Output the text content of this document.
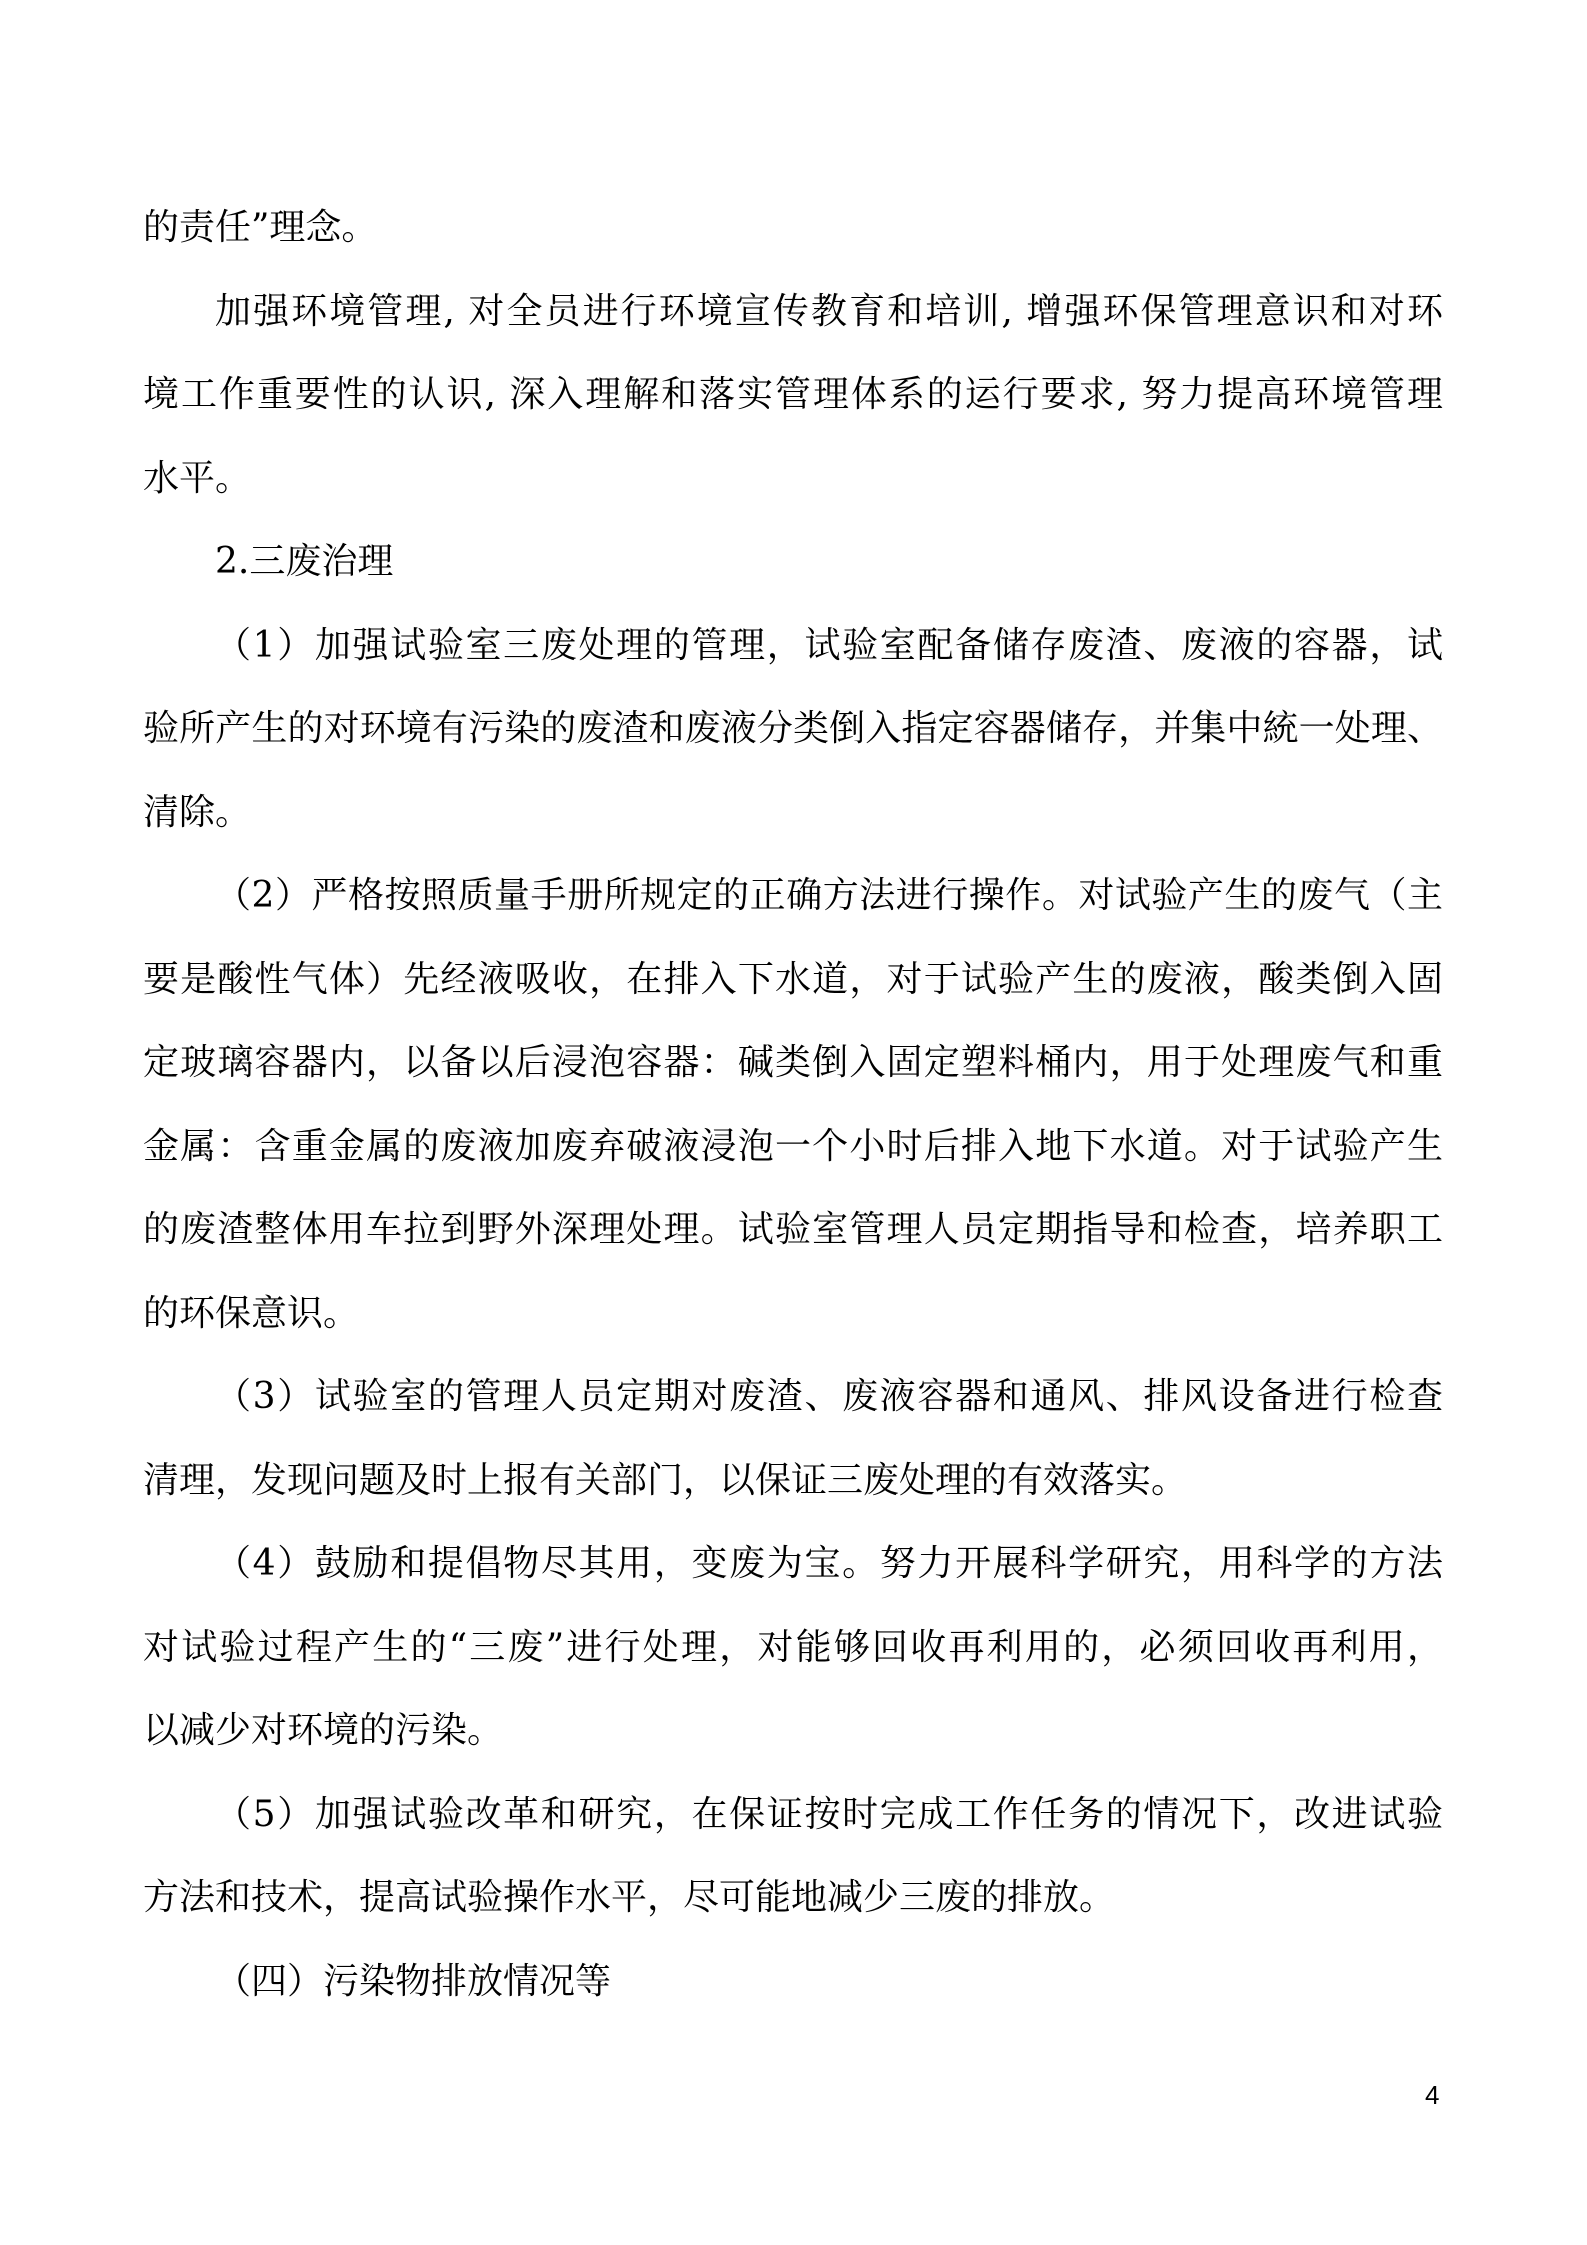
的责任”理念。
加强环境管理, 对全员进行环境宣传教育和培训, 增强环保管理意识和对环
境工作重要性的认识, 深入理解和落实管理体系的运行要求, 努力提高环境管理
水平。
2.三废治理
（1）加强试验室三废处理的管理，试验室配备储存废渣、废液的容器，试
验所产生的对环境有污染的废渣和废液分类倒入指定容器储存，并集中統一处理、
清除。
（2）严格按照质量手册所规定的正确方法进行操作。对试验产生的废气（主
要是酸性气体）先经液吸收，在排入下水道，对于试验产生的废液，酸类倒入固
定玻璃容器内，以备以后浸泡容器：碱类倒入固定塑料桶内，用于处理废气和重
金属：含重金属的废液加废弃破液浸泡一个小时后排入地下水道。对于试验产生
的废渣整体用车拉到野外深理处理。试验室管理人员定期指导和检查，培养职工
的环保意识。
（3）试验室的管理人员定期对废渣、废液容器和通风、排风设备进行检查
清理，发现问题及时上报有关部门，以保证三废处理的有效落实。
（4）鼓励和提倡物尽其用，变废为宝。努力开展科学研究，用科学的方法
对试验过程产生的“三废”进行处理，对能够回收再利用的，必须回收再利用，
以减少对环境的污染。
（5）加强试验改革和研究，在保证按时完成工作任务的情况下，改进试验
方法和技术，提高试验操作水平，尽可能地减少三废的排放。
（四）污染物排放情况等
4
